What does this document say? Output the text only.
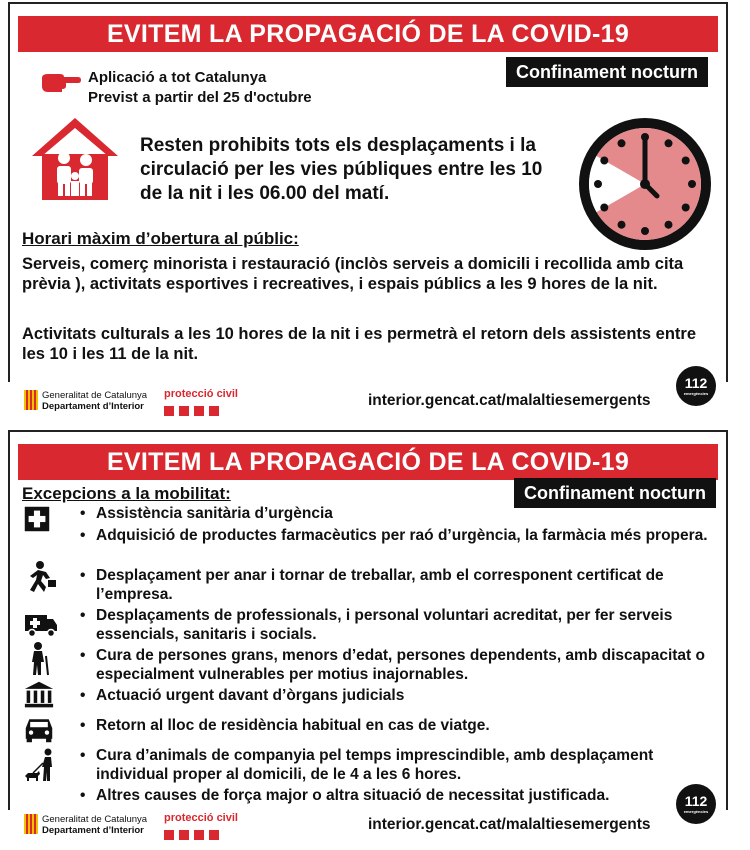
EVITEM LA PROPAGACIÓ DE LA COVID-19
Confinament nocturn
Aplicació a tot Catalunya
Previst a partir del 25 d'octubre
Resten prohibits tots els desplaçaments i la circulació per les vies públiques entre les 10 de la nit i les 06.00 del matí.
Horari màxim d’obertura al públic:
Serveis, comerç minorista i restauració (inclòs serveis a domicili i recollida amb cita prèvia ), activitats esportives i recreatives, i espais públics a les 9 hores de la nit.
Activitats culturals a les 10 hores de la nit i es permetrà el retorn dels assistents entre les 10 i les 11 de la nit.
112
emergències
Generalitat de Catalunya
Departament d’Interior
protecció civil	interior.gencat.cat/malaltiesemergents
EVITEM LA PROPAGACIÓ DE LA COVID-19
Confinament nocturn
Excepcions a la mobilitat:
• Assistència sanitària d’urgència
• Adquisició de productes farmacèutics per raó d’urgència, la farmàcia més propera.
• Desplaçament per anar i tornar de treballar, amb el corresponent certificat de l’empresa.
• Desplaçaments de professionals, i personal voluntari acreditat, per fer serveis essencials, sanitaris i socials.
• Cura de persones grans, menors d’edat, persones dependents, amb discapacitat o especialment vulnerables per motius inajornables.
• Actuació urgent davant d’òrgans judicials
• Retorn al lloc de residència habitual en cas de viatge.
• Cura d’animals de companyia pel temps imprescindible, amb desplaçament individual proper al domicili, de le 4 a les 6 hores.
• Altres causes de força major o altra situació de necessitat justificada.	112
emergències
Generalitat de Catalunya
Departament d’Interior
protecció civil	interior.gencat.cat/malaltiesemergents
